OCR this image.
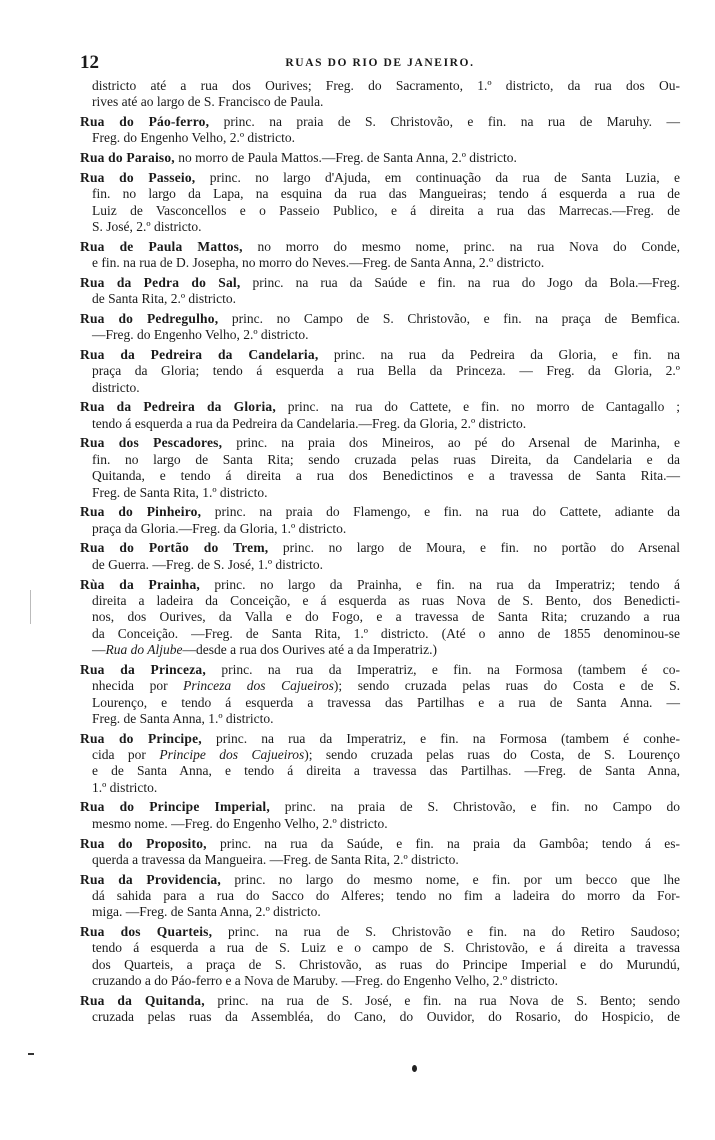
12	RUAS DO RIO DE JANEIRO.
districto até a rua dos Ourives; Freg. do Sacramento, 1.º districto, da rua dos Ou-
rives até ao largo de S. Francisco de Paula.
Rua do Páo-ferro, princ. na praia de S. Christovão, e fin. na rua de Maruhy. —
Freg. do Engenho Velho, 2.º districto.
Rua do Paraiso, no morro de Paula Mattos.—Freg. de Santa Anna, 2.º districto.
Rua do Passeio, princ. no largo d'Ajuda, em continuação da rua de Santa Luzia, e
fin. no largo da Lapa, na esquina da rua das Mangueiras; tendo á esquerda a rua de
Luiz de Vasconcellos e o Passeio Publico, e á direita a rua das Marrecas.—Freg. de
S. José, 2.º districto.
Rua de Paula Mattos, no morro do mesmo nome, princ. na rua Nova do Conde,
e fin. na rua de D. Josepha, no morro do Neves.—Freg. de Santa Anna, 2.º districto.
Rua da Pedra do Sal, princ. na rua da Saúde e fin. na rua do Jogo da Bola.—Freg.
de Santa Rita, 2.º districto.
Rua do Pedregulho, princ. no Campo de S. Christovão, e fin. na praça de Bemfica.
—Freg. do Engenho Velho, 2.º districto.
Rua da Pedreira da Candelaria, princ. na rua da Pedreira da Gloria, e fin. na
praça da Gloria; tendo á esquerda a rua Bella da Princeza. — Freg. da Gloria, 2.º
districto.
Rua da Pedreira da Gloria, princ. na rua do Cattete, e fin. no morro de Cantagallo ;
tendo á esquerda a rua da Pedreira da Candelaria.—Freg. da Gloria, 2.º districto.
Rua dos Pescadores, princ. na praia dos Mineiros, ao pé do Arsenal de Marinha, e
fin. no largo de Santa Rita; sendo cruzada pelas ruas Direita, da Candelaria e da
Quitanda, e tendo á direita a rua dos Benedictinos e a travessa de Santa Rita.—
Freg. de Santa Rita, 1.º districto.
Rua do Pinheiro, princ. na praia do Flamengo, e fin. na rua do Cattete, adiante da
praça da Gloria.—Freg. da Gloria, 1.º districto.
Rua do Portão do Trem, princ. no largo de Moura, e fin. no portão do Arsenal
de Guerra. —Freg. de S. José, 1.º districto.
Rùa da Prainha, princ. no largo da Prainha, e fin. na rua da Imperatriz; tendo á
direita a ladeira da Conceição, e á esquerda as ruas Nova de S. Bento, dos Benedicti-
nos, dos Ourives, da Valla e do Fogo, e a travessa de Santa Rita; cruzando a rua
da Conceição. —Freg. de Santa Rita, 1.º districto. (Até o anno de 1855 denominou-se
—Rua do Aljube—desde a rua dos Ourives até a da Imperatriz.)
Rua da Princeza, princ. na rua da Imperatriz, e fin. na Formosa (tambem é co-
nhecida por Princeza dos Cajueiros); sendo cruzada pelas ruas do Costa e de S.
Lourenço, e tendo á esquerda a travessa das Partilhas e a rua de Santa Anna. —
Freg. de Santa Anna, 1.º districto.
Rua do Principe, princ. na rua da Imperatriz, e fin. na Formosa (tambem é conhe-
cida por Principe dos Cajueiros); sendo cruzada pelas ruas do Costa, de S. Lourenço
e de Santa Anna, e tendo á direita a travessa das Partilhas. —Freg. de Santa Anna,
1.º districto.
Rua do Principe Imperial, princ. na praia de S. Christovão, e fin. no Campo do
mesmo nome. —Freg. do Engenho Velho, 2.º districto.
Rua do Proposito, princ. na rua da Saúde, e fin. na praia da Gambôa; tendo á es-
querda a travessa da Mangueira. —Freg. de Santa Rita, 2.º districto.
Rua da Providencia, princ. no largo do mesmo nome, e fin. por um becco que lhe
dá sahida para a rua do Sacco do Alferes; tendo no fim a ladeira do morro da For-
miga. —Freg. de Santa Anna, 2.º districto.
Rua dos Quarteis, princ. na rua de S. Christovão e fin. na do Retiro Saudoso;
tendo á esquerda a rua de S. Luiz e o campo de S. Christovão, e á direita a travessa
dos Quarteis, a praça de S. Christovão, as ruas do Principe Imperial e do Murundú,
cruzando a do Páo-ferro e a Nova de Maruby. —Freg. do Engenho Velho, 2.º districto.
Rua da Quitanda, princ. na rua de S. José, e fin. na rua Nova de S. Bento; sendo
cruzada pelas ruas da Assembléa, do Cano, do Ouvidor, do Rosario, do Hospicio, de
